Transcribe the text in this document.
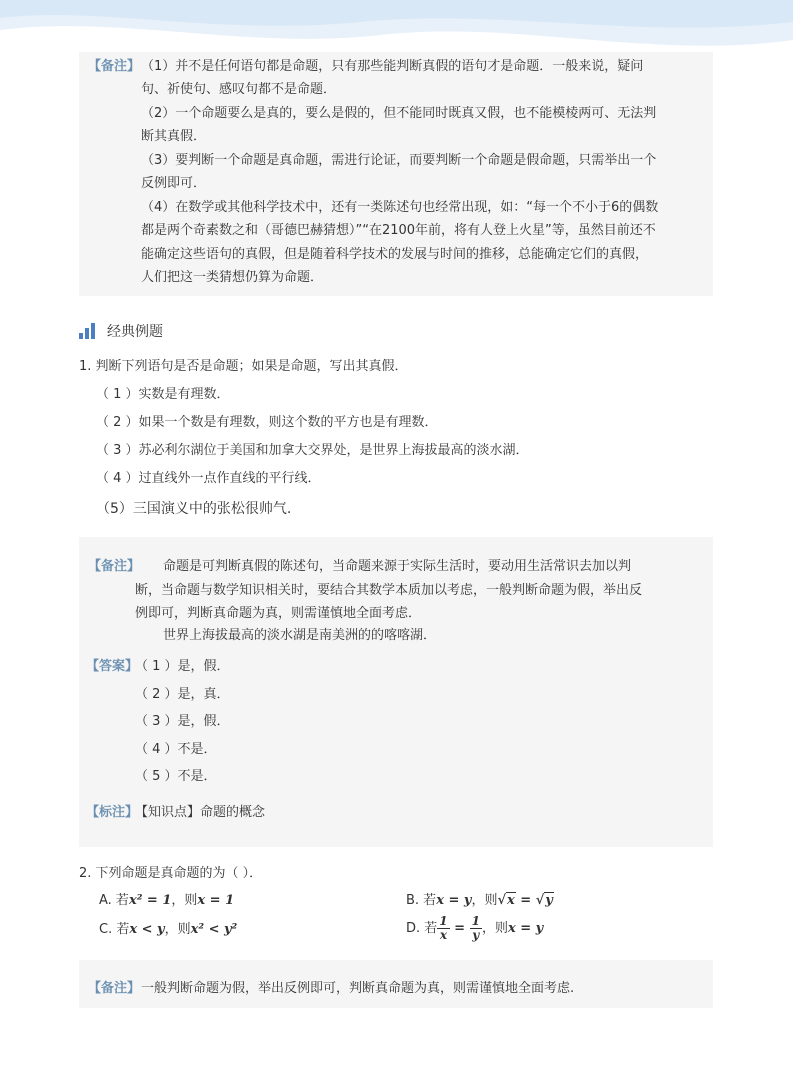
【备注】 （1）并不是任何语句都是命题，只有那些能判断真假的语句才是命题．一般来说，疑问
句、祈使句、感叹句都不是命题．
（2）一个命题要么是真的，要么是假的，但不能同时既真又假，也不能模棱两可、无法判
断其真假．
（3）要判断一个命题是真命题，需进行论证，而要判断一个命题是假命题，只需举出一个
反例即可．
（4）在数学或其他科学技术中，还有一类陈述句也经常出现，如：“每一个不小于6的偶数
都是两个奇素数之和（哥德巴赫猜想）”“在2100年前，将有人登上火星”等，虽然目前还不
能确定这些语句的真假，但是随着科学技术的发展与时间的推移，总能确定它们的真假，
人们把这一类猜想仍算为命题．
经典例题
1. 判断下列语句是否是命题；如果是命题，写出其真假．
（ 1 ）实数是有理数．
（ 2 ）如果一个数是有理数，则这个数的平方也是有理数．
（ 3 ）苏必利尔湖位于美国和加拿大交界处，是世界上海拔最高的淡水湖．
（ 4 ）过直线外一点作直线的平行线．
（5）三国演义中的张松很帅气.
【备注】 命题是可判断真假的陈述句，当命题来源于实际生活时，要动用生活常识去加以判
断，当命题与数学知识相关时，要结合其数学本质加以考虑，一般判断命题为假，举出反
例即可，判断真命题为真，则需谨慎地全面考虑．
世界上海拔最高的淡水湖是南美洲的的喀喀湖．
【答案】
（ 1 ）是，假．
（ 2 ）是，真．
（ 3 ）是，假．
（ 4 ）不是．
（ 5 ）不是．
【标注】
【知识点】命题的概念
2. 下列命题是真命题的为（ ）．
A. 若x² = 1，则x = 1	B. 若x = y，则√x = √y
C. 若x < y，则x² < y²	D. 若 $\frac{1}{x} = \frac{1}{y}$ ，则x = y
【备注】 一般判断命题为假，举出反例即可，判断真命题为真，则需谨慎地全面考虑.
